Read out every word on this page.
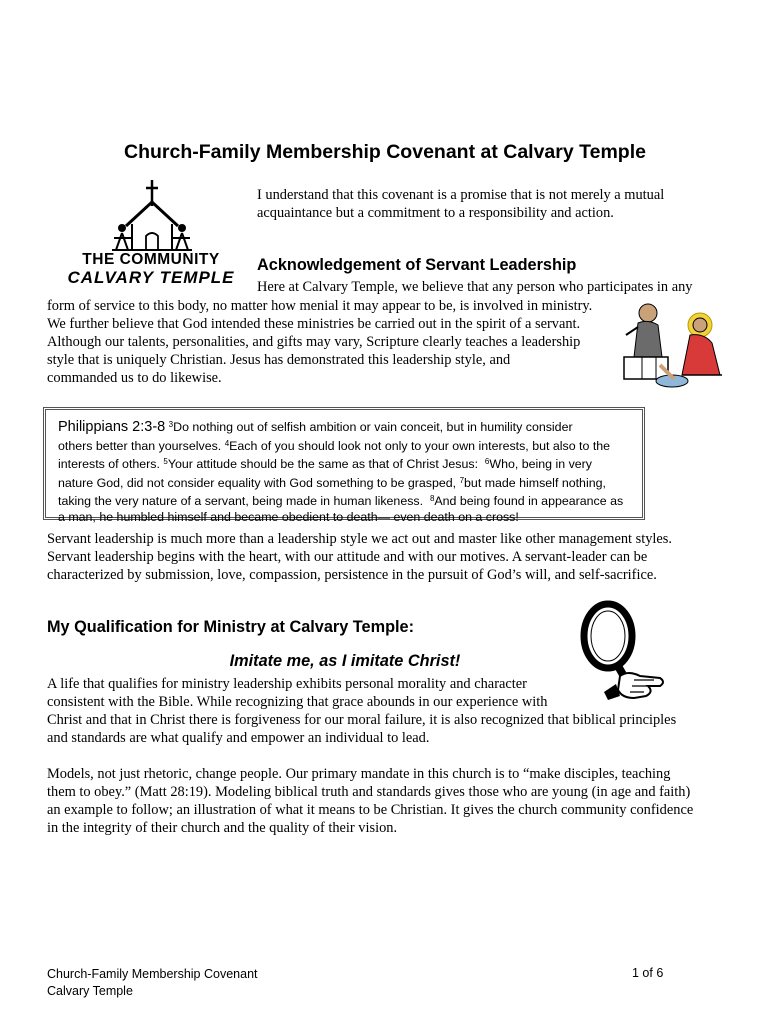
Church-Family Membership Covenant at Calvary Temple
THE COMMUNITY
CALVARY TEMPLE
I understand that this covenant is a promise that is not merely a mutual acquaintance but a commitment to a responsibility and action.
Acknowledgement of Servant Leadership
Here at Calvary Temple, we believe that any person who participates in any
form of service to this body, no matter how menial it may appear to be, is involved in ministry.
We further believe that God intended these ministries be carried out in the spirit of a servant.
Although our talents, personalities, and gifts may vary, Scripture clearly teaches a leadership
style that is uniquely Christian. Jesus has demonstrated this leadership style, and
commanded us to do likewise.
Philippians 2:3-8 $^3$Do nothing out of selfish ambition or vain conceit, but in humility consider
others better than yourselves. $^4$Each of you should look not only to your own interests, but also to the
interests of others. $^5$Your attitude should be the same as that of Christ Jesus: $^6$Who, being in very
nature God, did not consider equality with God something to be grasped, $^7$but made himself nothing,
taking the very nature of a servant, being made in human likeness. $^8$And being found in appearance as
a man, he humbled himself and became obedient to death— even death on a cross!
Servant leadership is much more than a leadership style we act out and master like other management styles.
Servant leadership begins with the heart, with our attitude and with our motives. A servant-leader can be
characterized by submission, love, compassion, persistence in the pursuit of God’s will, and self-sacrifice.
My Qualification for Ministry at Calvary Temple:
Imitate me, as I imitate Christ!
A life that qualifies for ministry leadership exhibits personal morality and character
consistent with the Bible. While recognizing that grace abounds in our experience with
Christ and that in Christ there is forgiveness for our moral failure, it is also recognized that biblical principles
and standards are what qualify and empower an individual to lead.
Models, not just rhetoric, change people. Our primary mandate in this church is to “make disciples, teaching
them to obey.” (Matt 28:19). Modeling biblical truth and standards gives those who are young (in age and faith)
an example to follow; an illustration of what it means to be Christian. It gives the church community confidence
in the integrity of their church and the quality of their vision.
Church-Family Membership Covenant
Calvary Temple
1 of 6
